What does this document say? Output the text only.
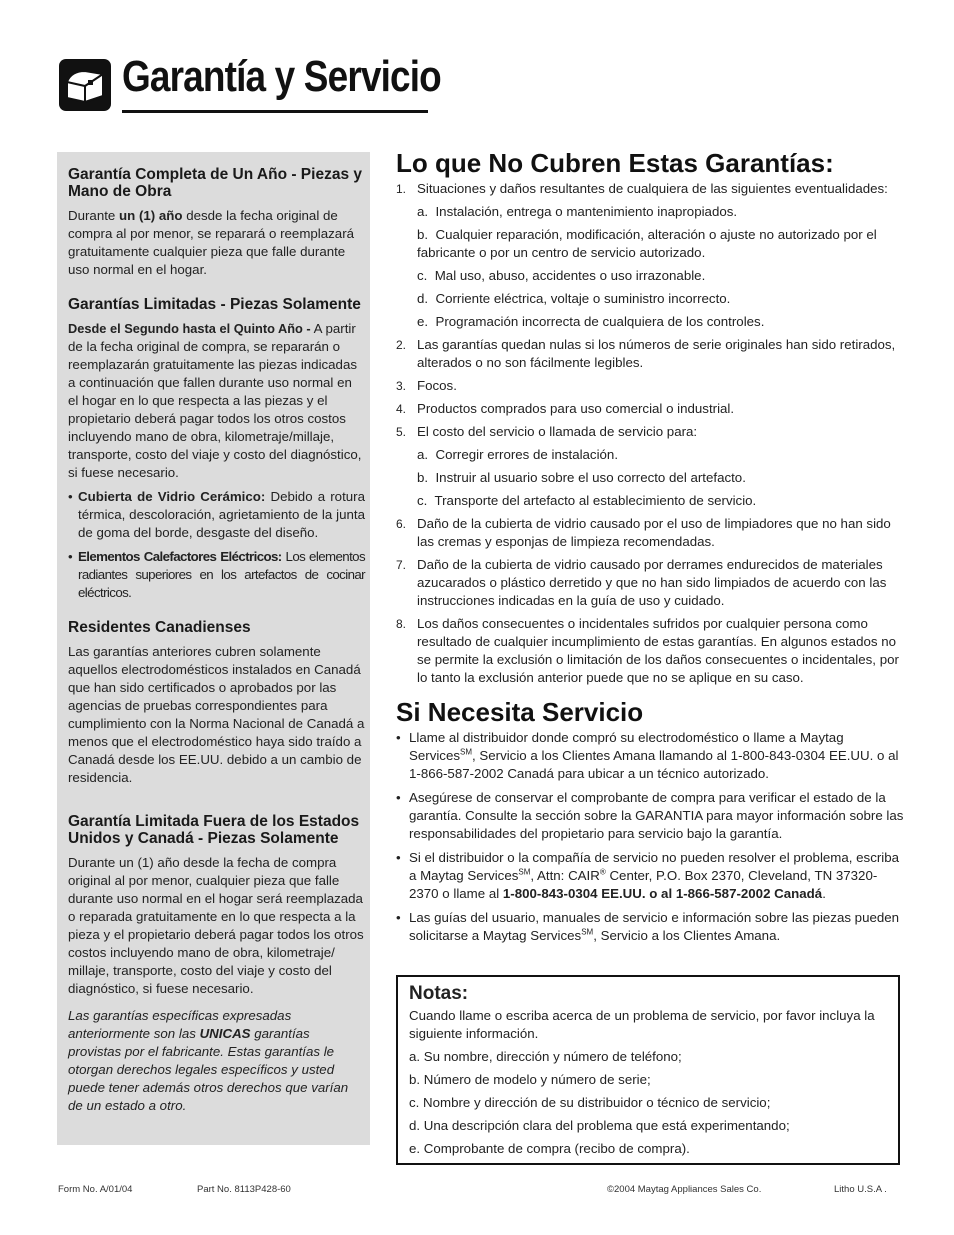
Garantía y Servicio
Garantía Completa de Un Año - Piezas y Mano de Obra
Durante un (1) año desde la fecha original de compra al por menor, se reparará o reemplazará gratuitamente cualquier pieza que falle durante uso normal en el hogar.
Garantías Limitadas - Piezas Solamente
Desde el Segundo hasta el Quinto Año - A partir de la fecha original de compra, se repararán o reemplazarán gratuitamente las piezas indicadas a continuación que fallen durante uso normal en el hogar en lo que respecta a las piezas y el propietario deberá pagar todos los otros costos incluyendo mano de obra, kilometraje/millaje, transporte, costo del viaje y costo del diagnóstico, si fuese necesario.
• Cubierta de Vidrio Cerámico: Debido a rotura térmica, descoloración, agrietamiento de la junta de goma del borde, desgaste del diseño.
• Elementos Calefactores Eléctricos: Los elementos radiantes superiores en los artefactos de cocinar eléctricos.
Residentes Canadienses
Las garantías anteriores cubren solamente aquellos electrodomésticos instalados en Canadá que han sido certificados o aprobados por las agencias de pruebas correspondientes para cumplimiento con la Norma Nacional de Canadá a menos que el electrodoméstico haya sido traído a Canadá desde los EE.UU. debido a un cambio de residencia.
Garantía Limitada Fuera de los Estados Unidos y Canadá - Piezas Solamente
Durante un (1) año desde la fecha de compra original al por menor, cualquier pieza que falle durante uso normal en el hogar será reemplazada o reparada gratuitamente en lo que respecta a la pieza y el propietario deberá pagar todos los otros costos incluyendo mano de obra, kilometraje/ millaje, transporte, costo del viaje y costo del diagnóstico, si fuese necesario.
Las garantías específicas expresadas anteriormente son las UNICAS garantías provistas por el fabricante. Estas garantías le otorgan derechos legales específicos y usted puede tener además otros derechos que varían de un estado a otro.
Lo que No Cubren Estas Garantías:
1. Situaciones y daños resultantes de cualquiera de las siguientes eventualidades:
a. Instalación, entrega o mantenimiento inapropiados.
b. Cualquier reparación, modificación, alteración o ajuste no autorizado por el fabricante o por un centro de servicio autorizado.
c. Mal uso, abuso, accidentes o uso irrazonable.
d. Corriente eléctrica, voltaje o suministro incorrecto.
e. Programación incorrecta de cualquiera de los controles.
2. Las garantías quedan nulas si los números de serie originales han sido retirados, alterados o no son fácilmente legibles.
3. Focos.
4. Productos comprados para uso comercial o industrial.
5. El costo del servicio o llamada de servicio para:
a. Corregir errores de instalación.
b. Instruir al usuario sobre el uso correcto del artefacto.
c. Transporte del artefacto al establecimiento de servicio.
6. Daño de la cubierta de vidrio causado por el uso de limpiadores que no han sido las cremas y esponjas de limpieza recomendadas.
7. Daño de la cubierta de vidrio causado por derrames endurecidos de materiales azucarados o plástico derretido y que no han sido limpiados de acuerdo con las instrucciones indicadas en la guía de uso y cuidado.
8. Los daños consecuentes o incidentales sufridos por cualquier persona como resultado de cualquier incumplimiento de estas garantías. En algunos estados no se permite la exclusión o limitación de los daños consecuentes o incidentales, por lo tanto la exclusión anterior puede que no se aplique en su caso.
Si Necesita Servicio
• Llame al distribuidor donde compró su electrodoméstico o llame a Maytag Services℠, Servicio a los Clientes Amana llamando al 1-800-843-0304 EE.UU. o al 1-866-587-2002 Canadá para ubicar a un técnico autorizado.
• Asegúrese de conservar el comprobante de compra para verificar el estado de la garantía. Consulte la sección sobre la GARANTIA para mayor información sobre las responsabilidades del propietario para servicio bajo la garantía.
• Si el distribuidor o la compañía de servicio no pueden resolver el problema, escriba a Maytag Services℠, Attn: CAIR® Center, P.O. Box 2370, Cleveland, TN 37320-2370 o llame al 1-800-843-0304 EE.UU. o al 1-866-587-2002 Canadá.
• Las guías del usuario, manuales de servicio e información sobre las piezas pueden solicitarse a Maytag Services℠, Servicio a los Clientes Amana.
Notas:
Cuando llame o escriba acerca de un problema de servicio, por favor incluya la siguiente información.
a. Su nombre, dirección y número de teléfono;
b. Número de modelo y número de serie;
c. Nombre y dirección de su distribuidor o técnico de servicio;
d. Una descripción clara del problema que está experimentando;
e. Comprobante de compra (recibo de compra).
Form No. A/01/04	Part No. 8113P428-60	©2004 Maytag Appliances Sales Co.	Litho U.S.A .
